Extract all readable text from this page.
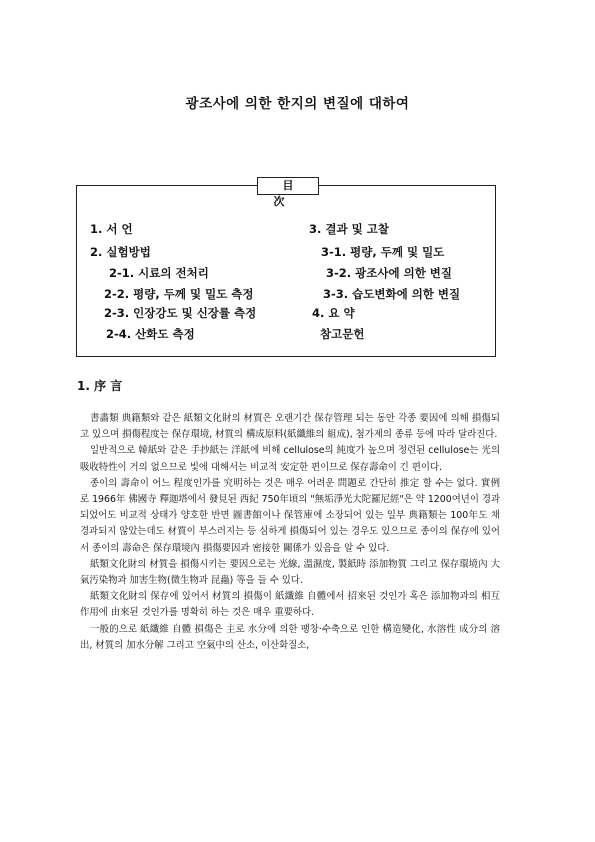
광조사에 의한 한지의 변질에 대하여
目 次
1. 서 언
2. 실험방법
2-1. 시료의 전처리
2-2. 평량, 두께 및 밀도 측정
2-3. 인장강도 및 신장률 측정
2-4. 산화도 측정
3. 결과 및 고찰
3-1. 평량, 두께 및 밀도
3-2. 광조사에 의한 변질
3-3. 습도변화에 의한 변질
4. 요 약
참고문헌
1. 序 言

書畵類 典籍類와 같은 紙類文化財의 材質은 오랜기간 保存管理 되는 동안 각종 要因에 의해 損傷되고 있으며 損傷程度는 保存環境, 材質의 構成原料(紙纖維의 組成), 첨가제의 종류 등에 따라 달라진다.

일반적으로 韓紙와 같은 手抄紙는 洋紙에 비해 cellulose의 純度가 높으며 정련된 cellulose는 光의 吸收特性이 거의 없으므로 빛에 대해서는 비교적 安定한 편이므로 保存壽命이 긴 편이다.

종이의 壽命이 어느 程度인가를 究明하는 것은 매우 어려운 問題로 간단히 推定 할 수는 없다. 實例로 1966年 佛國寺 釋迦塔에서 發見된 西紀 750年頃의 "無垢淨光大陀羅尼經"은 약 1200여년이 경과되었어도 비교적 상태가 양호한 반면 圖書館이나 保管庫에 소장되어 있는 일부 典籍類는 100年도 채 경과되지 않았는데도 材質이 부스러지는 등 심하게 損傷되어 있는 경우도 있으므로 종이의 保存에 있어서 종이의 壽命은 保存環境內 損傷要因과 密接한 關係가 있음을 알 수 있다.

紙類文化財의 材質을 損傷시키는 要因으로는 光線, 溫濕度, 製紙時 添加物質 그리고 保存環境內 大氣汚染物과 加害生物(微生物과 昆蟲) 等을 들 수 있다.

紙類文化財의 保存에 있어서 材質의 損傷이 紙纖維 自體에서 招來된 것인가 혹은 添加物과의 相互作用에 由來된 것인가를 명확히 하는 것은 매우 重要하다.

一般的으로 紙纖維 自體 損傷은 主로 水分에 의한 팽창·수축으로 인한 構造變化, 水溶性 成分의 溶出, 材質의 加水分解 그리고 空氣中의 산소, 이산화질소,
